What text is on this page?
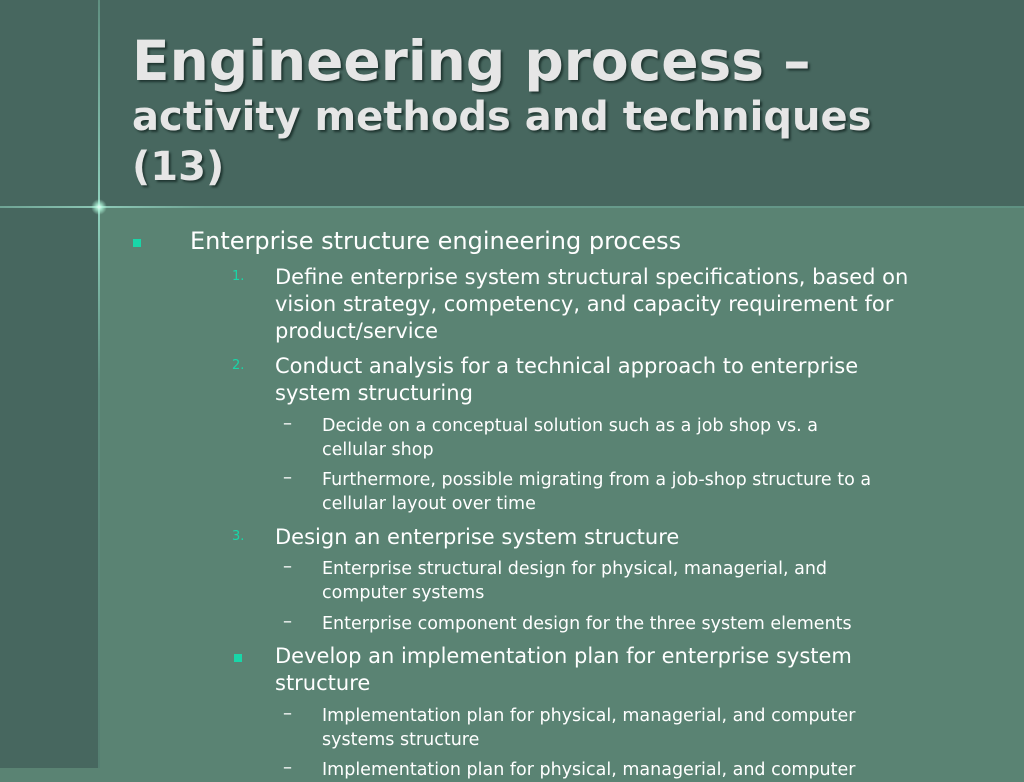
Engineering process –
activity methods and techniques
(13)
Enterprise structure engineering process
1. Define enterprise system structural specifications, based on
vision strategy, competency, and capacity requirement for
product/service
2. Conduct analysis for a technical approach to enterprise
system structuring
– Decide on a conceptual solution such as a job shop vs. a
cellular shop
– Furthermore, possible migrating from a job-shop structure to a
cellular layout over time
3. Design an enterprise system structure
– Enterprise structural design for physical, managerial, and
computer systems
– Enterprise component design for the three system elements
Develop an implementation plan for enterprise system
structure
– Implementation plan for physical, managerial, and computer
systems structure
– Implementation plan for physical, managerial, and computer
